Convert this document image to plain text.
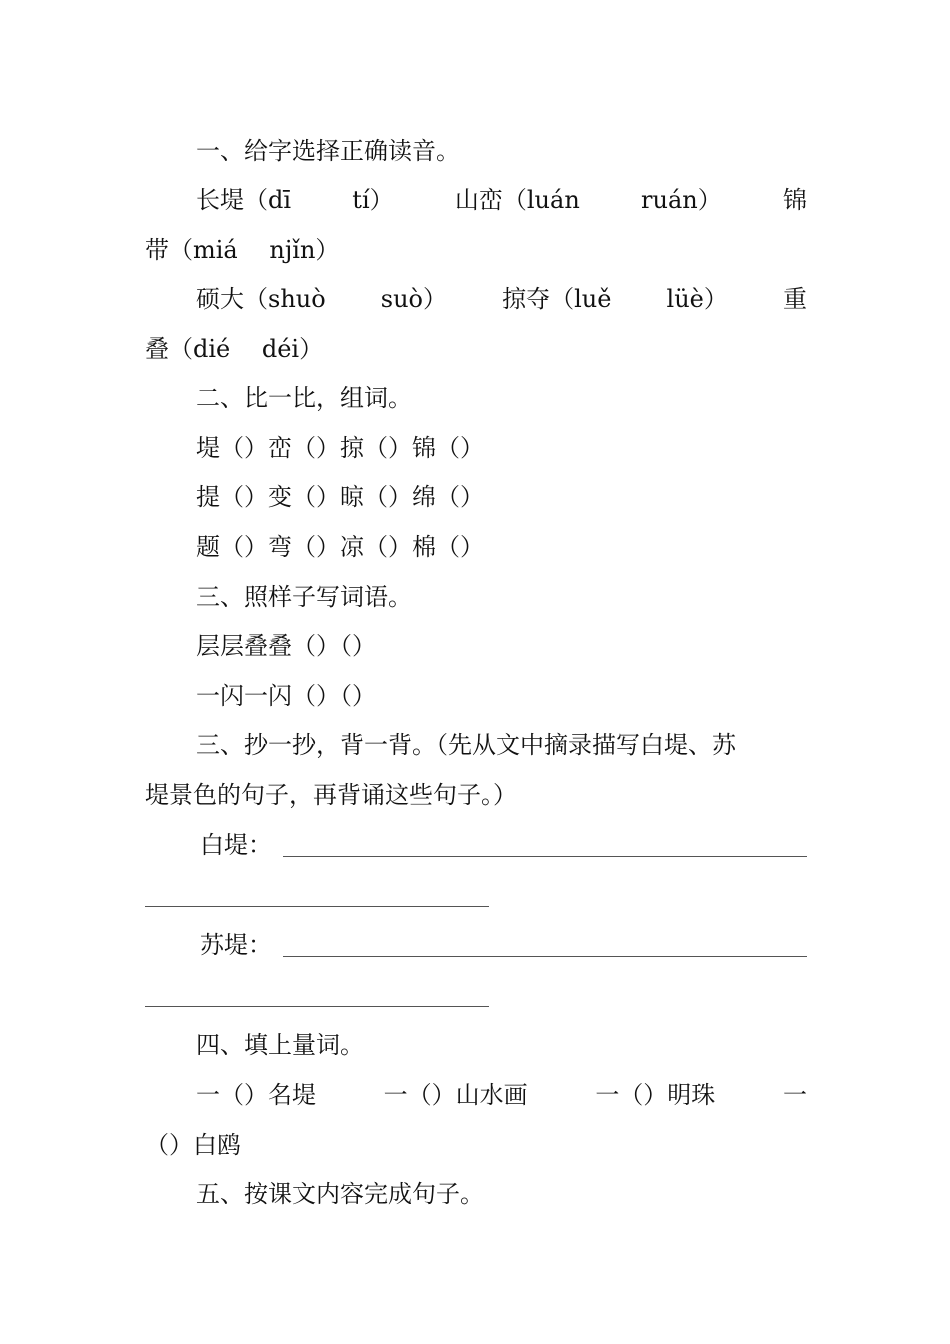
一、给字选择正确读音。
长堤（dī	tí）	山峦（luán	ruán）	锦
带（miá　 njǐn）
硕大（shuò suò） 掠夺（luě lüè） 重
叠（dié　 déi）
二、比一比，组词。
堤（）峦（）掠（）锦（）
提（）变（）晾（）绵（）
题（）弯（）凉（）棉（）
三、照样子写词语。
层层叠叠（）（）
一闪一闪（）（）
三、抄一抄，背一背。（先从文中摘录描写白堤、苏
堤景色的句子，再背诵这些句子。）
白堤：
苏堤：
四、填上量词。
一（）名堤	一（）山水画	一（）明珠	一
（）白鸥
五、按课文内容完成句子。
